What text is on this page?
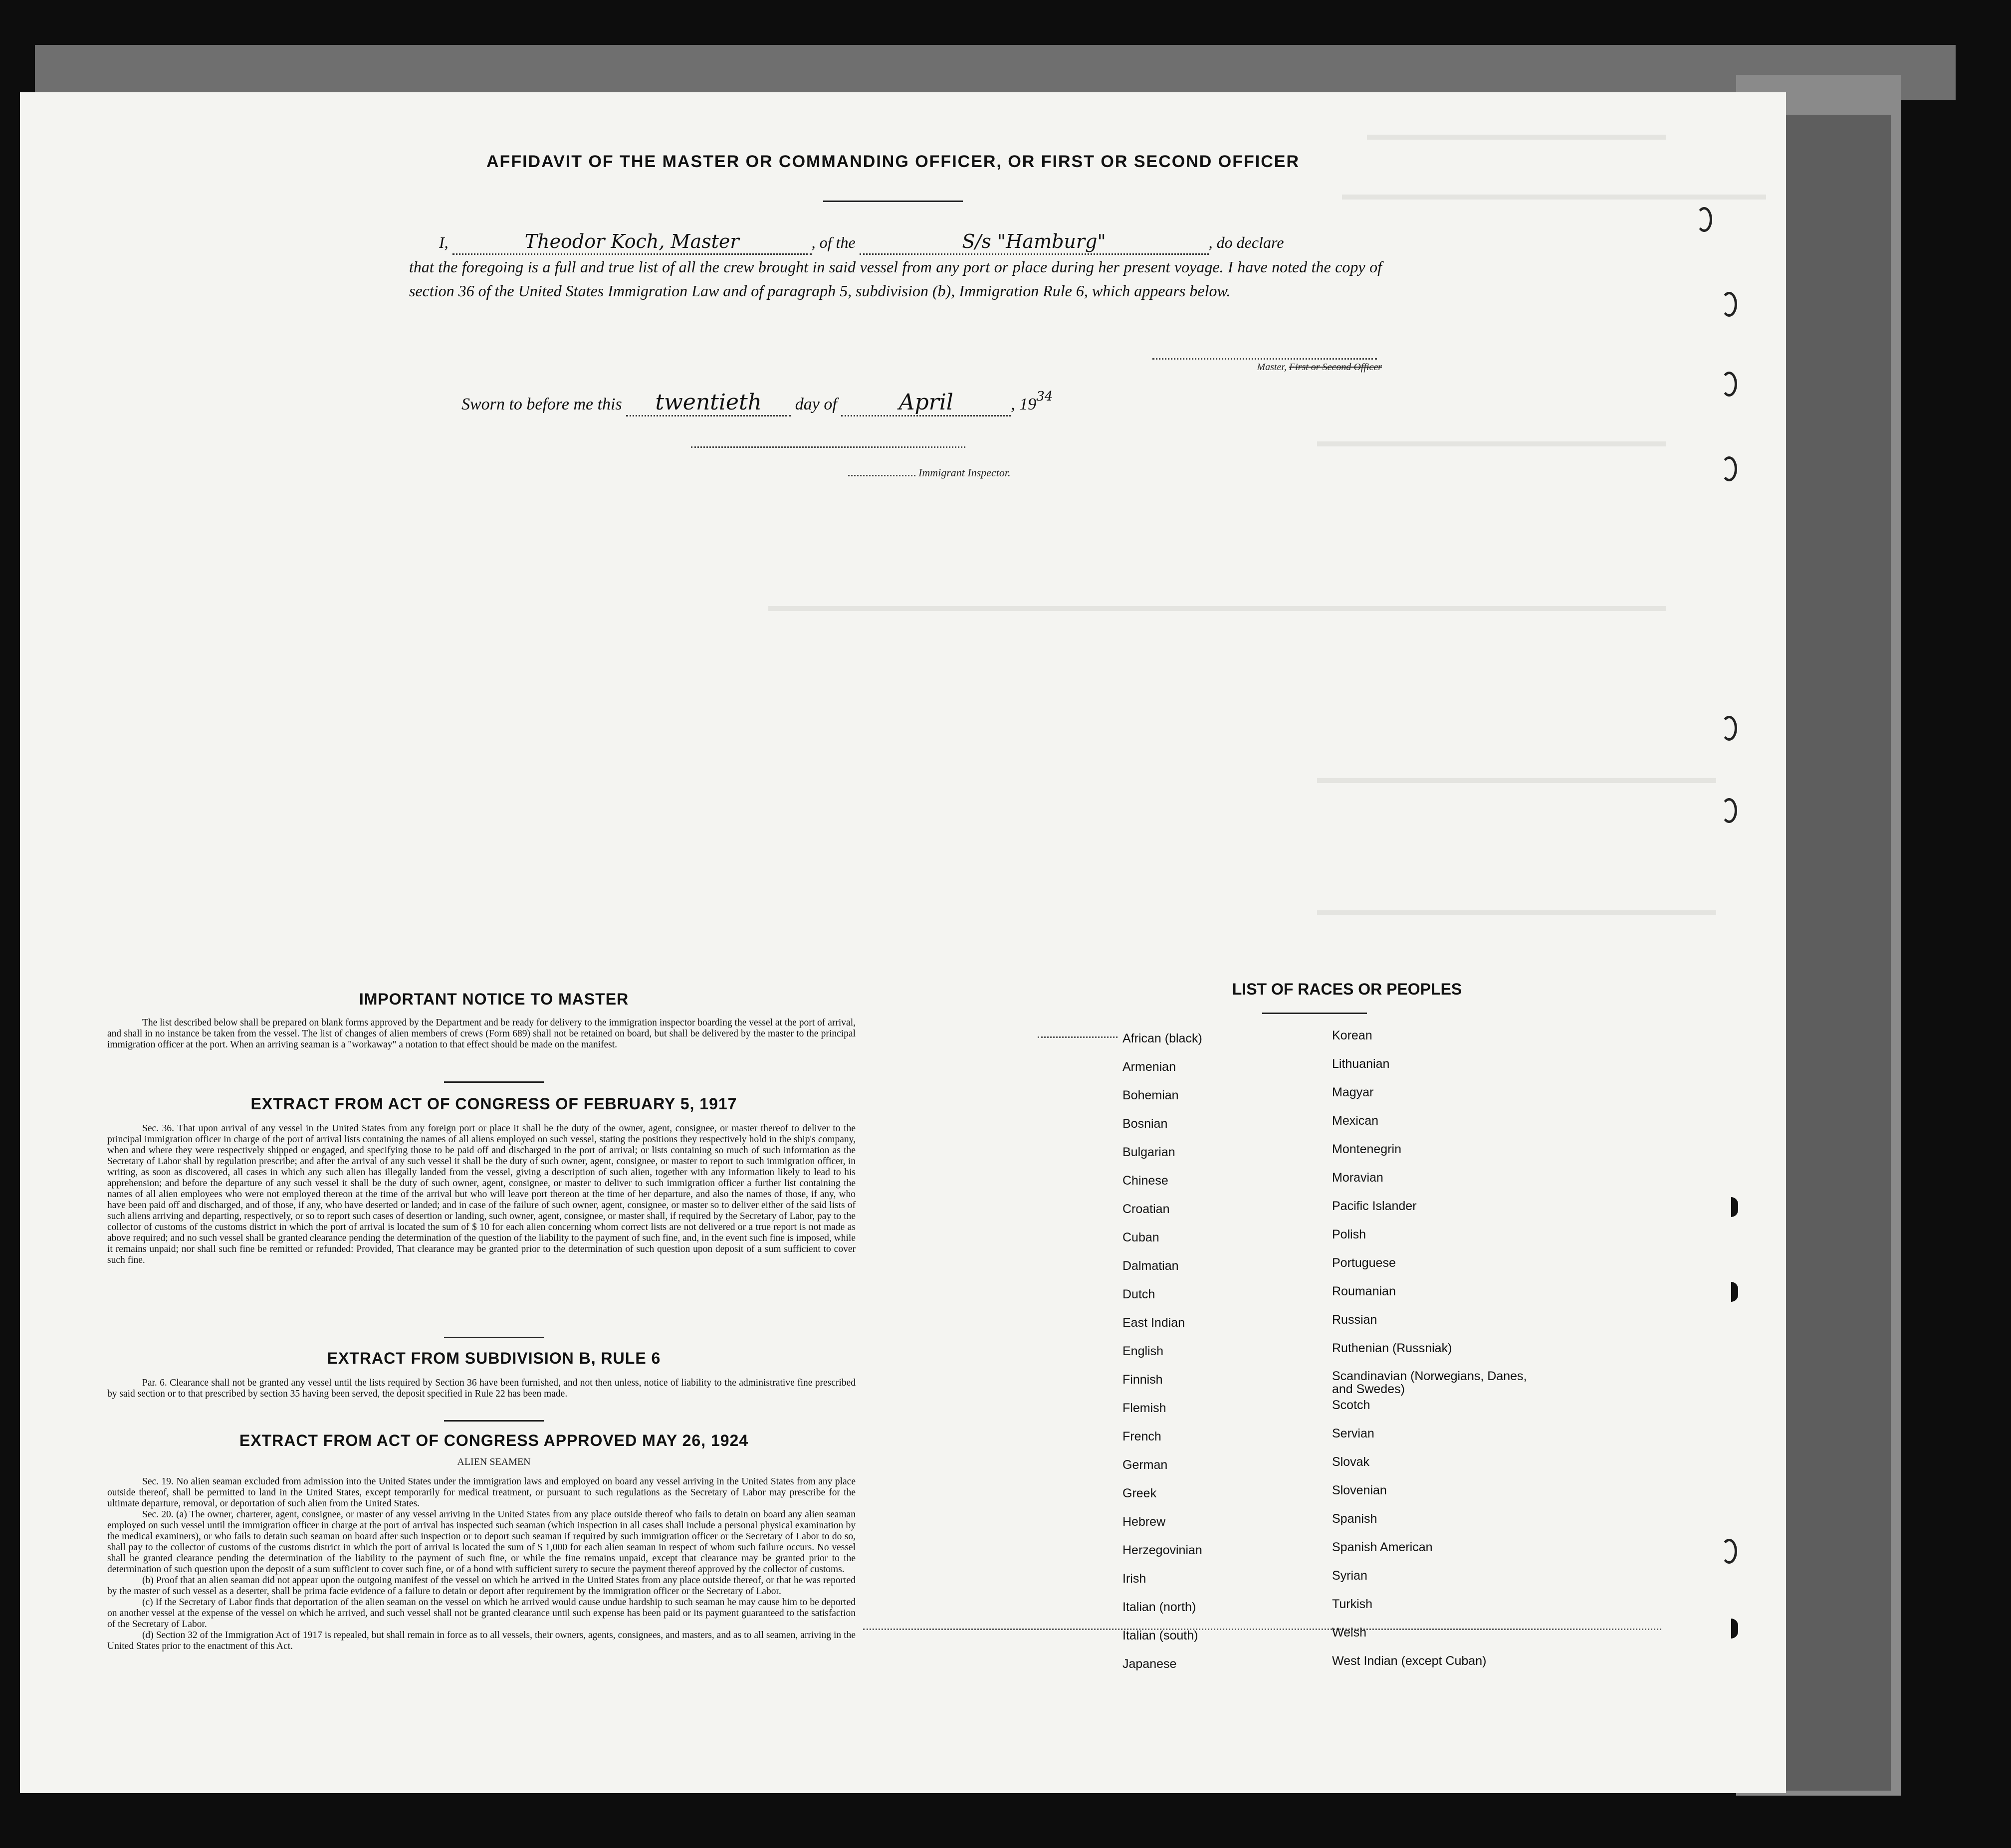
AFFIDAVIT OF THE MASTER OR COMMANDING OFFICER, OR FIRST OR SECOND OFFICER
I,	Theodor Koch, Master	, of the	S/s "Hamburg"	, do declare
that the foregoing is a full and true list of all the crew brought in said vessel from any port or place during her present voyage. I have noted the copy of section 36 of the United States Immigration Law and of paragraph 5, subdivision (b), Immigration Rule 6, which appears below.
Master, First or Second Officer
Sworn to before me this twentieth day of	April	, $19^{34}$
Immigrant Inspector.
IMPORTANT NOTICE TO MASTER

The list described below shall be prepared on blank forms approved by the Department and be ready for delivery to the immigration inspector boarding the vessel at the port of arrival, and shall in no instance be taken from the vessel. The list of changes of alien members of crews (Form 689) shall not be retained on board, but shall be delivered by the master to the principal immigration officer at the port. When an arriving seaman is a "workaway" a notation to that effect should be made on the manifest.

EXTRACT FROM ACT OF CONGRESS OF FEBRUARY 5, 1917

Sec. 36. That upon arrival of any vessel in the United States from any foreign port or place it shall be the duty of the owner, agent, consignee, or master thereof to deliver to the principal immigration officer in charge of the port of arrival lists containing the names of all aliens employed on such vessel, stating the positions they respectively hold in the ship's company, when and where they were respectively shipped or engaged, and specifying those to be paid off and discharged in the port of arrival; or lists containing so much of such information as the Secretary of Labor shall by regulation prescribe; and after the arrival of any such vessel it shall be the duty of such owner, agent, consignee, or master to report to such immigration officer, in writing, as soon as discovered, all cases in which any such alien has illegally landed from the vessel, giving a description of such alien, together with any information likely to lead to his apprehension; and before the departure of any such vessel it shall be the duty of such owner, agent, consignee, or master to deliver to such immigration officer a further list containing the names of all alien employees who were not employed thereon at the time of the arrival but who will leave port thereon at the time of her departure, and also the names of those, if any, who have been paid off and discharged, and of those, if any, who have deserted or landed; and in case of the failure of such owner, agent, consignee, or master so to deliver either of the said lists of such aliens arriving and departing, respectively, or so to report such cases of desertion or landing, such owner, agent, consignee, or master shall, if required by the Secretary of Labor, pay to the collector of customs of the customs district in which the port of arrival is located the sum of $ 10 for each alien concerning whom correct lists are not delivered or a true report is not made as above required; and no such vessel shall be granted clearance pending the determination of the question of the liability to the payment of such fine, and, in the event such fine is imposed, while it remains unpaid; nor shall such fine be remitted or refunded: Provided, That clearance may be granted prior to the determination of such question upon deposit of a sum sufficient to cover such fine.

EXTRACT FROM SUBDIVISION B, RULE 6

Par. 6. Clearance shall not be granted any vessel until the lists required by Section 36 have been furnished, and not then unless, notice of liability to the administrative fine prescribed by said section or to that prescribed by section 35 having been served, the deposit specified in Rule 22 has been made.

EXTRACT FROM ACT OF CONGRESS APPROVED MAY 26, 1924
ALIEN SEAMEN

Sec. 19. No alien seaman excluded from admission into the United States under the immigration laws and employed on board any vessel arriving in the United States from any place outside thereof, shall be permitted to land in the United States, except temporarily for medical treatment, or pursuant to such regulations as the Secretary of Labor may prescribe for the ultimate departure, removal, or deportation of such alien from the United States.

Sec. 20. (a) The owner, charterer, agent, consignee, or master of any vessel arriving in the United States from any place outside thereof who fails to detain on board any alien seaman employed on such vessel until the immigration officer in charge at the port of arrival has inspected such seaman (which inspection in all cases shall include a personal physical examination by the medical examiners), or who fails to detain such seaman on board after such inspection or to deport such seaman if required by such immigration officer or the Secretary of Labor to do so, shall pay to the collector of customs of the customs district in which the port of arrival is located the sum of $ 1,000 for each alien seaman in respect of whom such failure occurs. No vessel shall be granted clearance pending the determination of the liability to the payment of such fine, or while the fine remains unpaid, except that clearance may be granted prior to the determination of such question upon the deposit of a sum sufficient to cover such fine, or of a bond with sufficient surety to secure the payment thereof approved by the collector of customs.

(b) Proof that an alien seaman did not appear upon the outgoing manifest of the vessel on which he arrived in the United States from any place outside thereof, or that he was reported by the master of such vessel as a deserter, shall be prima facie evidence of a failure to detain or deport after requirement by the immigration officer or the Secretary of Labor.

(c) If the Secretary of Labor finds that deportation of the alien seaman on the vessel on which he arrived would cause undue hardship to such seaman he may cause him to be deported on another vessel at the expense of the vessel on which he arrived, and such vessel shall not be granted clearance until such expense has been paid or its payment guaranteed to the satisfaction of the Secretary of Labor.

(d) Section 32 of the Immigration Act of 1917 is repealed, but shall remain in force as to all vessels, their owners, agents, consignees, and masters, and as to all seamen, arriving in the United States prior to the enactment of this Act.

LIST OF RACES OR PEOPLES
African (black)
Armenian
Bohemian
Bosnian
Bulgarian
Chinese
Croatian
Cuban
Dalmatian
Dutch
East Indian
English
Finnish
Flemish
French
German
Greek
Hebrew
Herzegovinian
Irish
Italian (north)
Italian (south)
Japanese
Korean
Lithuanian
Magyar
Mexican
Montenegrin
Moravian
Pacific Islander
Polish
Portuguese
Roumanian
Russian
Ruthenian (Russniak)
Scandinavian (Norwegians, Danes, and Swedes)
Scotch
Servian
Slovak
Slovenian
Spanish
Spanish American
Syrian
Turkish
Welsh
West Indian (except Cuban)
